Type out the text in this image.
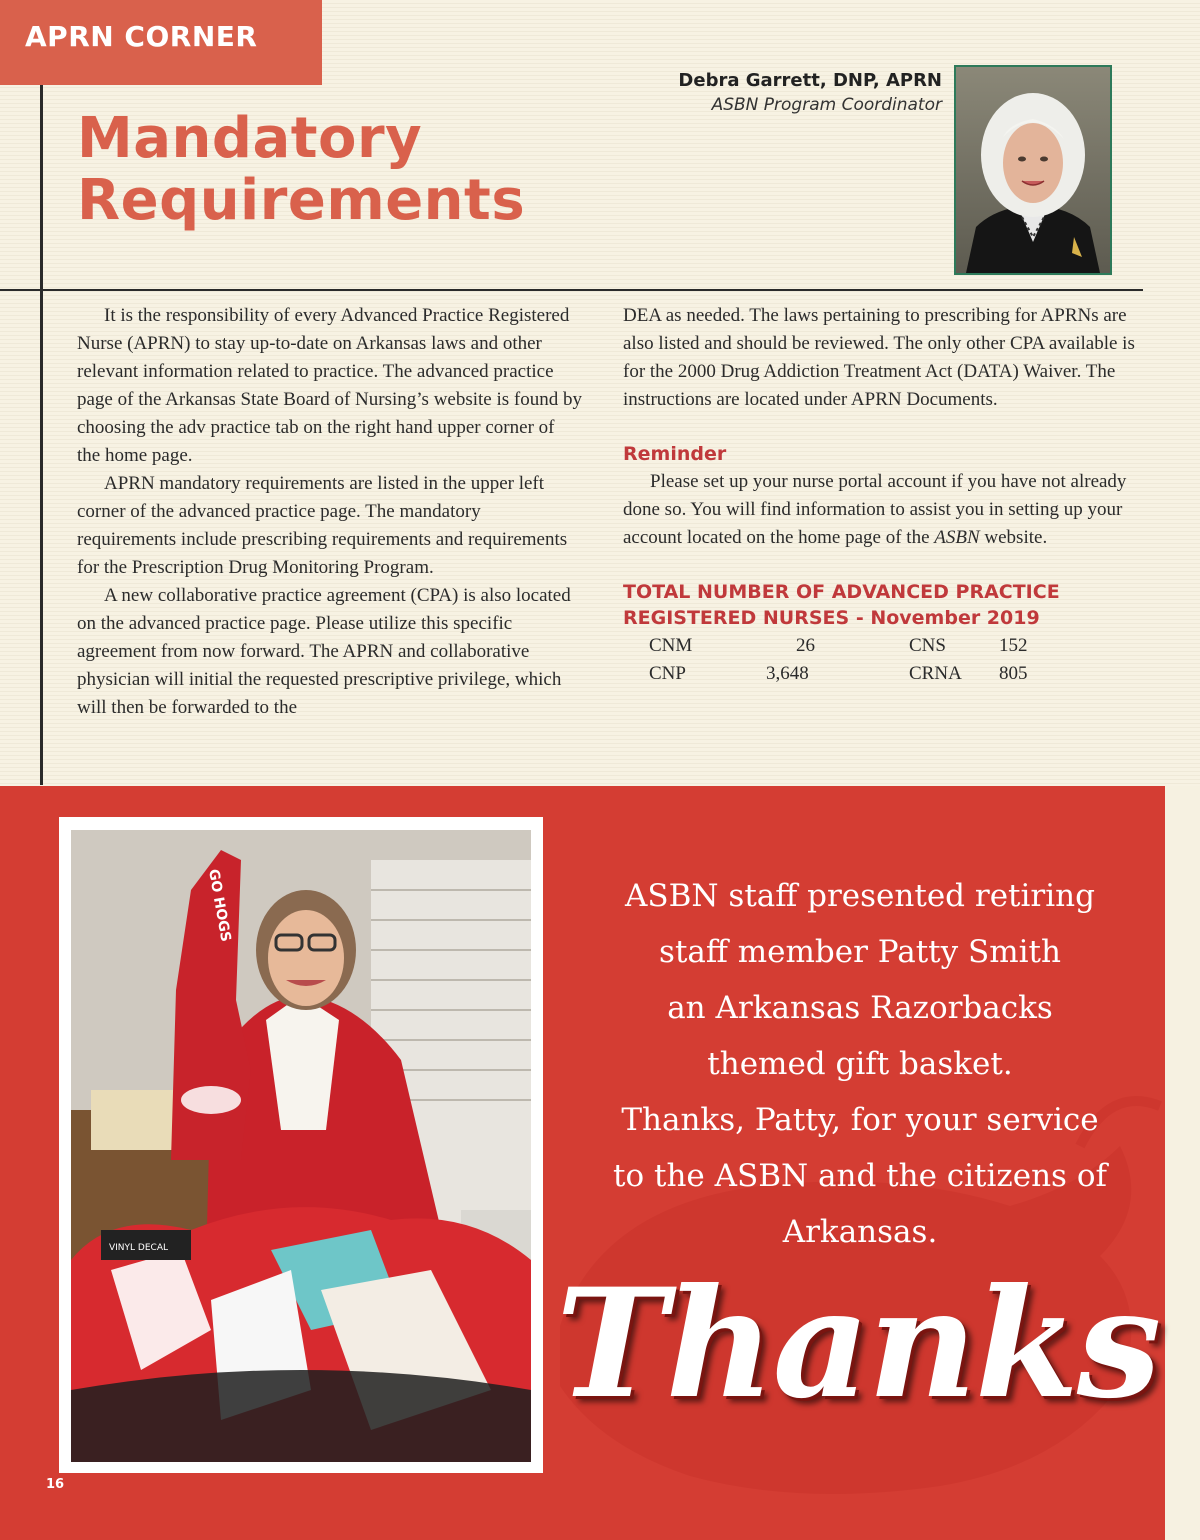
APRN CORNER
Mandatory
Requirements
Debra Garrett, DNP, APRN
ASBN Program Coordinator

It is the responsibility of every Advanced Practice Registered Nurse (APRN) to stay up-to-date on Arkansas laws and other relevant information related to practice. The advanced practice page of the Arkansas State Board of Nursing’s website is found by choosing the adv practice tab on the right hand upper corner of the home page.

APRN mandatory requirements are listed in the upper left corner of the advanced practice page. The mandatory requirements include prescribing requirements and requirements for the Prescription Drug Monitoring Program.

A new collaborative practice agreement (CPA) is also located on the advanced practice page. Please utilize this specific agreement from now forward. The APRN and collaborative physician will initial the requested prescriptive privilege, which will then be forwarded to the

DEA as needed. The laws pertaining to prescribing for APRNs are also listed and should be reviewed. The only other CPA available is for the 2000 Drug Addiction Treatment Act (DATA) Waiver. The instructions are located under APRN Documents.

Reminder

Please set up your nurse portal account if you have not already done so. You will find information to assist you in setting up your account located on the home page of the ASBN website.

TOTAL NUMBER OF ADVANCED PRACTICE
REGISTERED NURSES - November 2019
CNM	26	CNS	152
CNP	3,648	CRNA 805
GO HOGS
VINYL DECAL
ASBN staff presented retiring
staff member Patty Smith
an Arkansas Razorbacks
themed gift basket.
Thanks, Patty, for your service
to the ASBN and the citizens of
Arkansas.
Thanks
16
